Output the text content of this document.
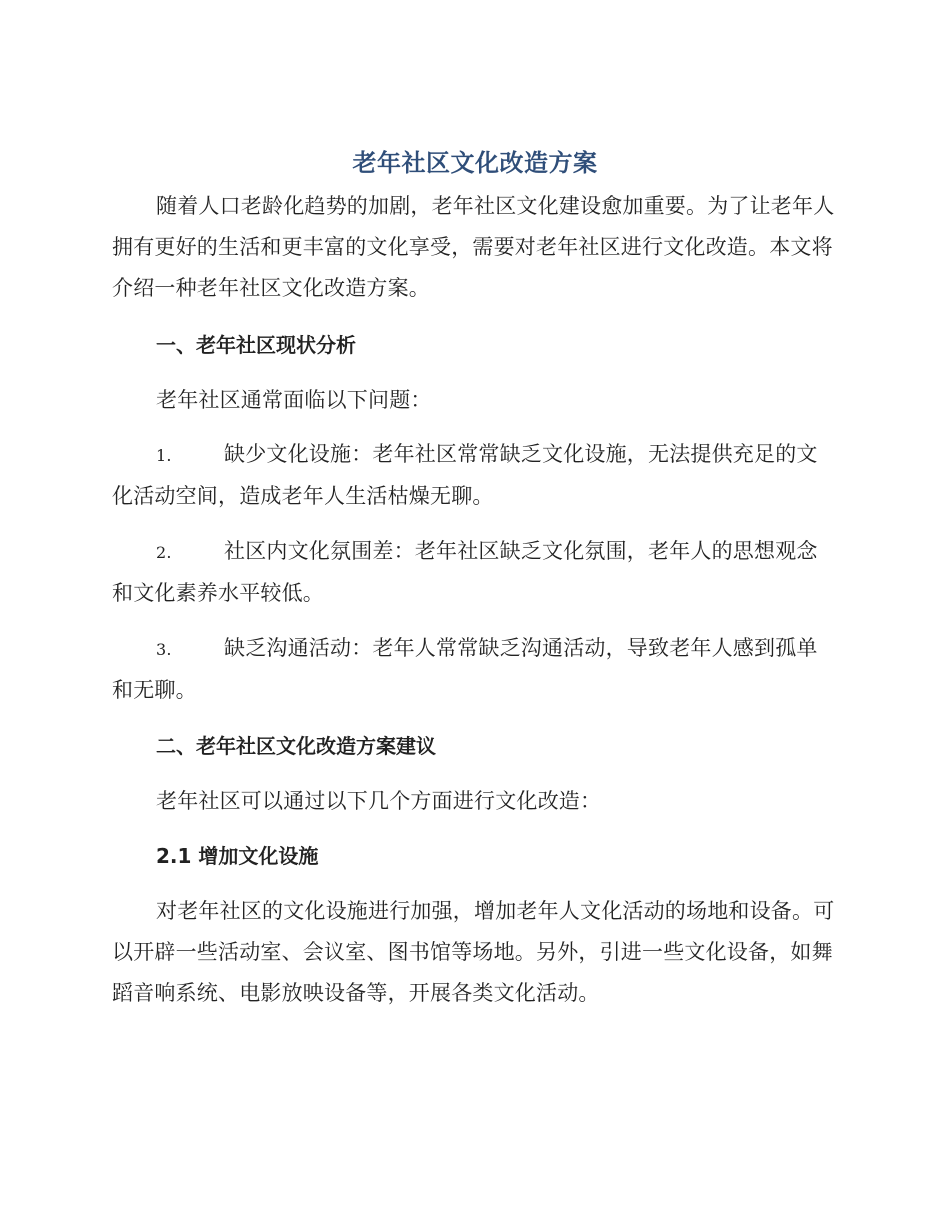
老年社区文化改造方案
随着人口老龄化趋势的加剧，老年社区文化建设愈加重要。为了让老年人拥有更好的生活和更丰富的文化享受，需要对老年社区进行文化改造。本文将介绍一种老年社区文化改造方案。
一、老年社区现状分析
老年社区通常面临以下问题：
1. 缺少文化设施：老年社区常常缺乏文化设施，无法提供充足的文化活动空间，造成老年人生活枯燥无聊。
2. 社区内文化氛围差：老年社区缺乏文化氛围，老年人的思想观念和文化素养水平较低。
3. 缺乏沟通活动：老年人常常缺乏沟通活动，导致老年人感到孤单和无聊。
二、老年社区文化改造方案建议
老年社区可以通过以下几个方面进行文化改造：
2.1 增加文化设施
对老年社区的文化设施进行加强，增加老年人文化活动的场地和设备。可以开辟一些活动室、会议室、图书馆等场地。另外，引进一些文化设备，如舞蹈音响系统、电影放映设备等，开展各类文化活动。
